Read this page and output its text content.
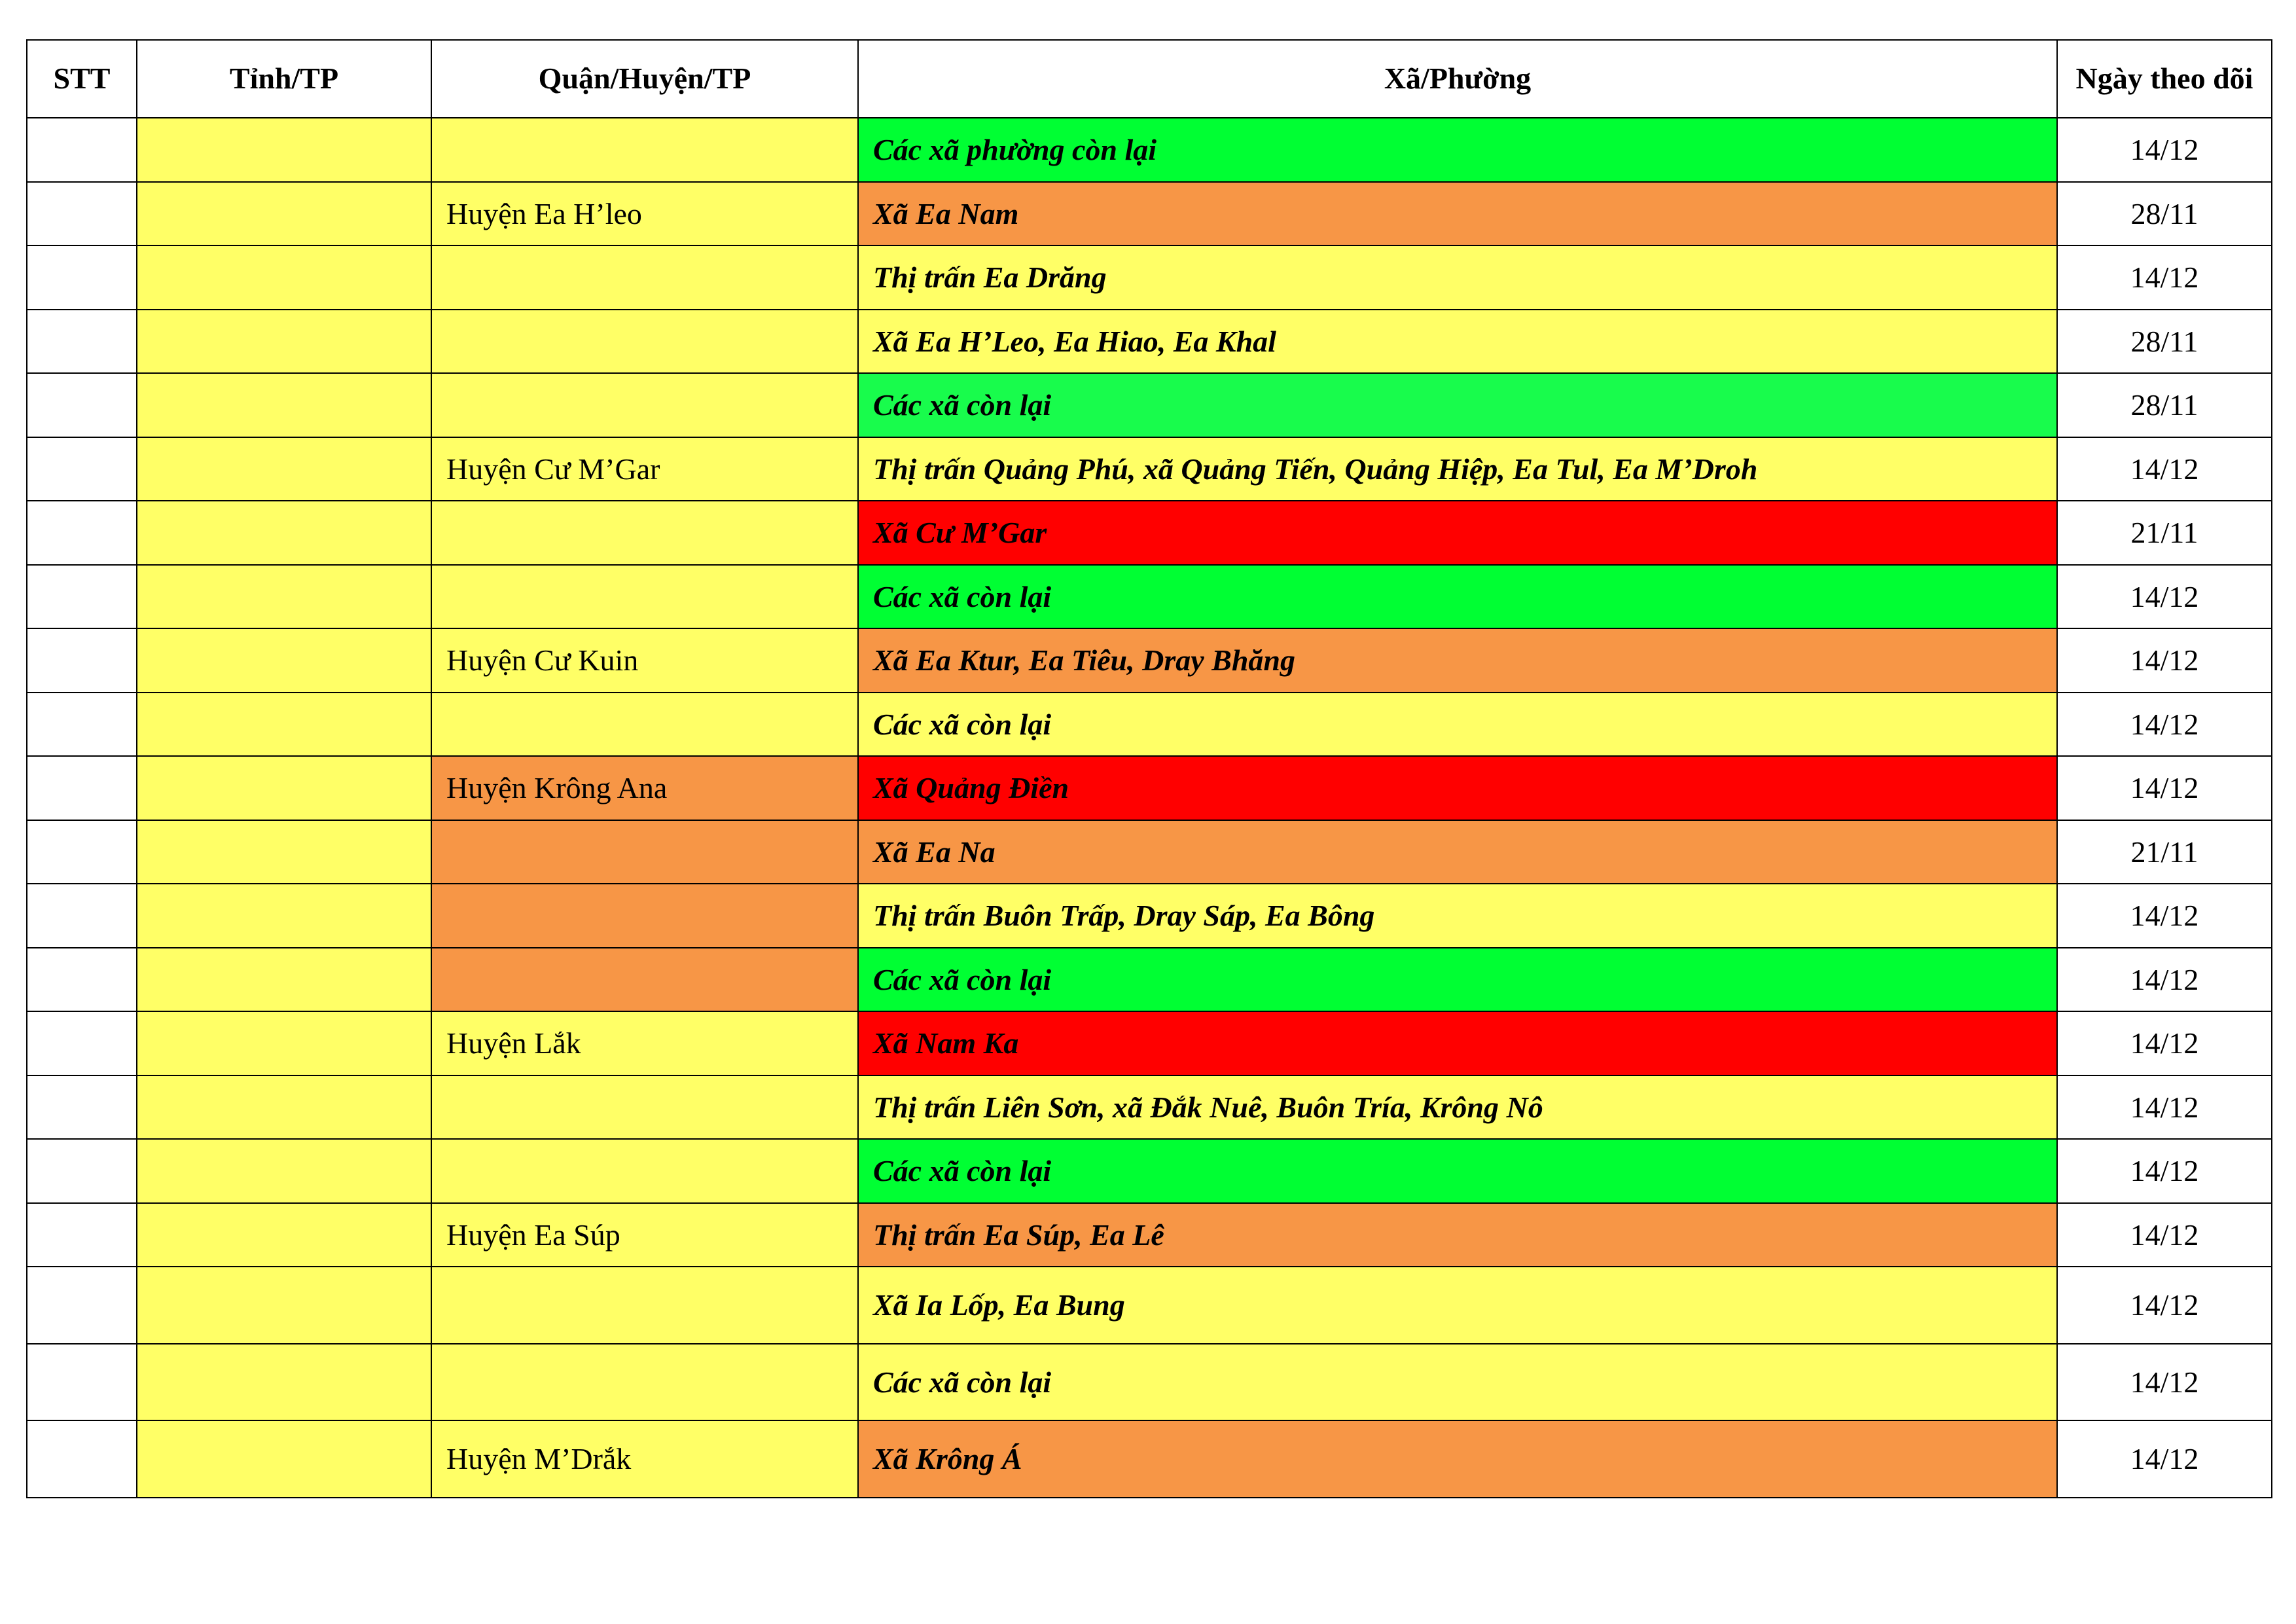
STT	Tỉnh/TP	Quận/Huyện/TP	Xã/Phường	Ngày theo dõi
			Các xã phường còn lại	14/12
		Huyện Ea H’leo	Xã Ea Nam	28/11
			Thị trấn Ea Drăng	14/12
			Xã Ea H’Leo, Ea Hiao, Ea Khal	28/11
			Các xã còn lại	28/11
		Huyện Cư M’Gar	Thị trấn Quảng Phú, xã Quảng Tiến, Quảng Hiệp, Ea Tul, Ea M’Droh	14/12
			Xã Cư M’Gar	21/11
			Các xã còn lại	14/12
		Huyện Cư Kuin	Xã Ea Ktur, Ea Tiêu, Dray Bhăng	14/12
			Các xã còn lại	14/12
		Huyện Krông Ana	Xã Quảng Điền	14/12
			Xã Ea Na	21/11
			Thị trấn Buôn Trấp, Dray Sáp, Ea Bông	14/12
			Các xã còn lại	14/12
		Huyện Lắk	Xã Nam Ka	14/12
			Thị trấn Liên Sơn, xã Đắk Nuê, Buôn Tría, Krông Nô	14/12
			Các xã còn lại	14/12
		Huyện Ea Súp	Thị trấn Ea Súp, Ea Lê	14/12
			Xã Ia Lốp, Ea Bung	14/12
			Các xã còn lại	14/12
		Huyện M’Drắk	Xã Krông Á	14/12
